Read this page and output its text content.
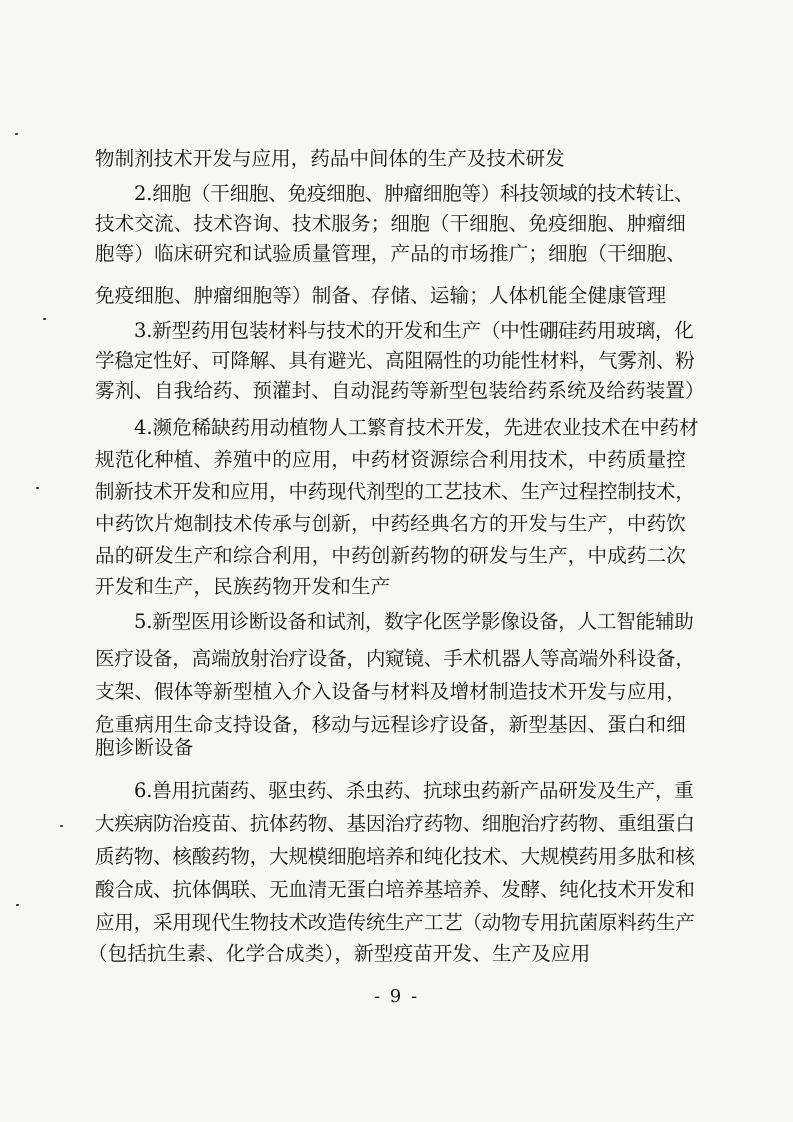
物制剂技术开发与应用，药品中间体的生产及技术研发
2.细胞（干细胞、免疫细胞、肿瘤细胞等）科技领域的技术转让、
技术交流、技术咨询、技术服务；细胞（干细胞、免疫细胞、肿瘤细
胞等）临床研究和试验质量管理，产品的市场推广；细胞（干细胞、
免疫细胞、肿瘤细胞等）制备、存储、运输；人体机能全健康管理
3.新型药用包装材料与技术的开发和生产（中性硼硅药用玻璃，化
学稳定性好、可降解、具有避光、高阻隔性的功能性材料，气雾剂、粉
雾剂、自我给药、预灌封、自动混药等新型包装给药系统及给药装置）
4.濒危稀缺药用动植物人工繁育技术开发，先进农业技术在中药材
规范化种植、养殖中的应用，中药材资源综合利用技术，中药质量控
制新技术开发和应用，中药现代剂型的工艺技术、生产过程控制技术，
中药饮片炮制技术传承与创新，中药经典名方的开发与生产，中药饮
品的研发生产和综合利用，中药创新药物的研发与生产，中成药二次
开发和生产，民族药物开发和生产
5.新型医用诊断设备和试剂，数字化医学影像设备，人工智能辅助
医疗设备，高端放射治疗设备，内窥镜、手术机器人等高端外科设备，
支架、假体等新型植入介入设备与材料及增材制造技术开发与应用，
危重病用生命支持设备，移动与远程诊疗设备，新型基因、蛋白和细
胞诊断设备
6.兽用抗菌药、驱虫药、杀虫药、抗球虫药新产品研发及生产，重
大疾病防治疫苗、抗体药物、基因治疗药物、细胞治疗药物、重组蛋白
质药物、核酸药物，大规模细胞培养和纯化技术、大规模药用多肽和核
酸合成、抗体偶联、无血清无蛋白培养基培养、发酵、纯化技术开发和
应用，采用现代生物技术改造传统生产工艺（动物专用抗菌原料药生产
（包括抗生素、化学合成类），新型疫苗开发、生产及应用
- 9 -
